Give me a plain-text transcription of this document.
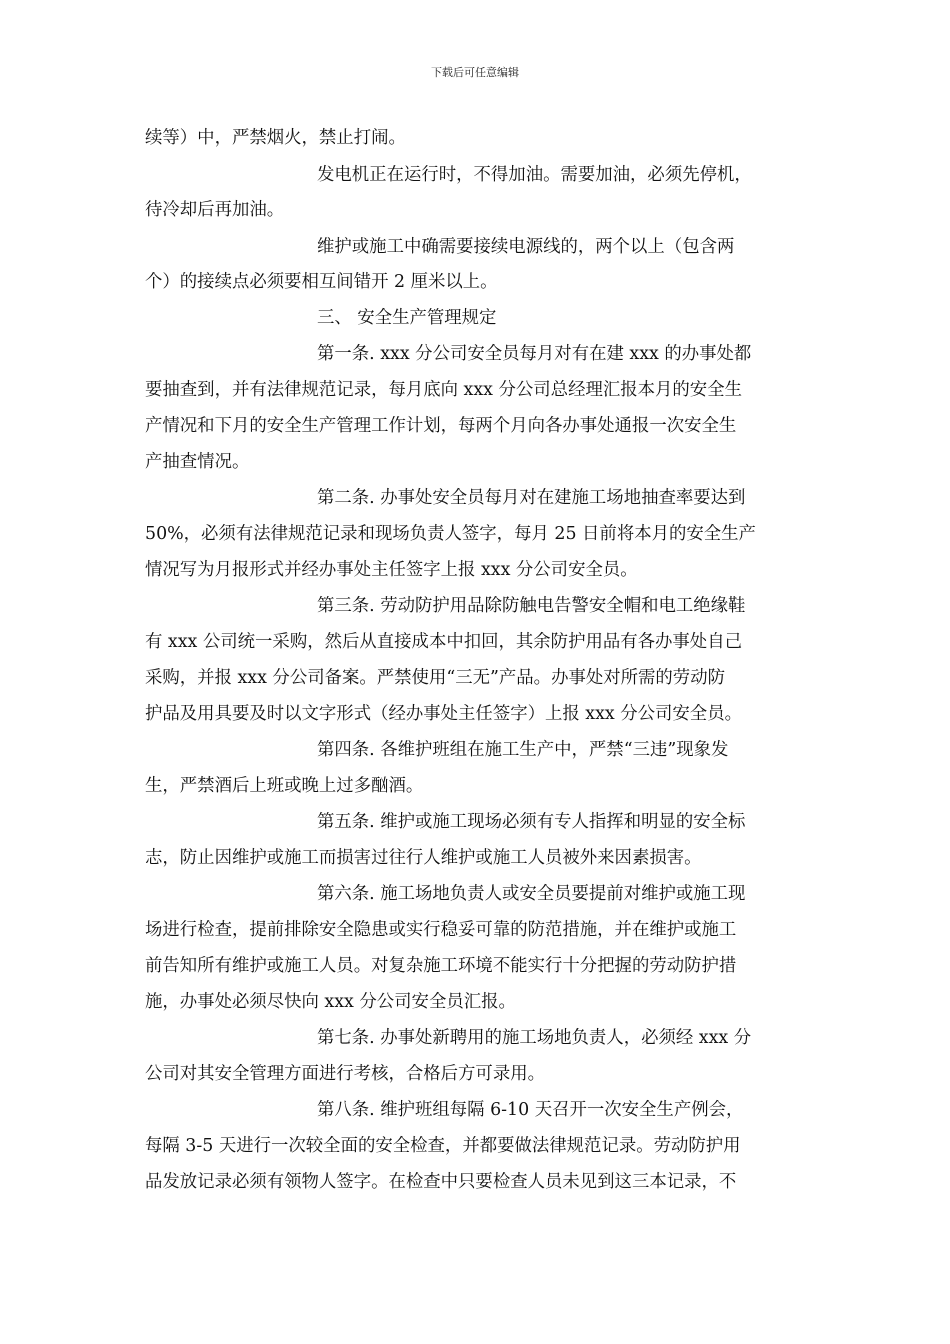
下载后可任意编辑
续等）中，严禁烟火，禁止打闹。
发电机正在运行时，不得加油。需要加油，必须先停机，
待冷却后再加油。
维护或施工中确需要接续电源线的，两个以上（包含两
个）的接续点必须要相互间错开 2 厘米以上。
三、 安全生产管理规定
第一条. xxx 分公司安全员每月对有在建 xxx 的办事处都
要抽查到，并有法律规范记录，每月底向 xxx 分公司总经理汇报本月的安全生
产情况和下月的安全生产管理工作计划，每两个月向各办事处通报一次安全生
产抽查情况。
第二条. 办事处安全员每月对在建施工场地抽查率要达到
50%，必须有法律规范记录和现场负责人签字，每月 25 日前将本月的安全生产
情况写为月报形式并经办事处主任签字上报 xxx 分公司安全员。
第三条. 劳动防护用品除防触电告警安全帽和电工绝缘鞋
有 xxx 公司统一采购，然后从直接成本中扣回，其余防护用品有各办事处自己
采购，并报 xxx 分公司备案。严禁使用“三无”产品。办事处对所需的劳动防
护品及用具要及时以文字形式（经办事处主任签字）上报 xxx 分公司安全员。
第四条. 各维护班组在施工生产中，严禁“三违”现象发
生，严禁酒后上班或晚上过多酗酒。
第五条. 维护或施工现场必须有专人指挥和明显的安全标
志，防止因维护或施工而损害过往行人维护或施工人员被外来因素损害。
第六条. 施工场地负责人或安全员要提前对维护或施工现
场进行检查，提前排除安全隐患或实行稳妥可靠的防范措施，并在维护或施工
前告知所有维护或施工人员。对复杂施工环境不能实行十分把握的劳动防护措
施，办事处必须尽快向 xxx 分公司安全员汇报。
第七条. 办事处新聘用的施工场地负责人，必须经 xxx 分
公司对其安全管理方面进行考核，合格后方可录用。
第八条. 维护班组每隔 6-10 天召开一次安全生产例会，
每隔 3-5 天进行一次较全面的安全检查，并都要做法律规范记录。劳动防护用
品发放记录必须有领物人签字。在检查中只要检查人员未见到这三本记录，不
